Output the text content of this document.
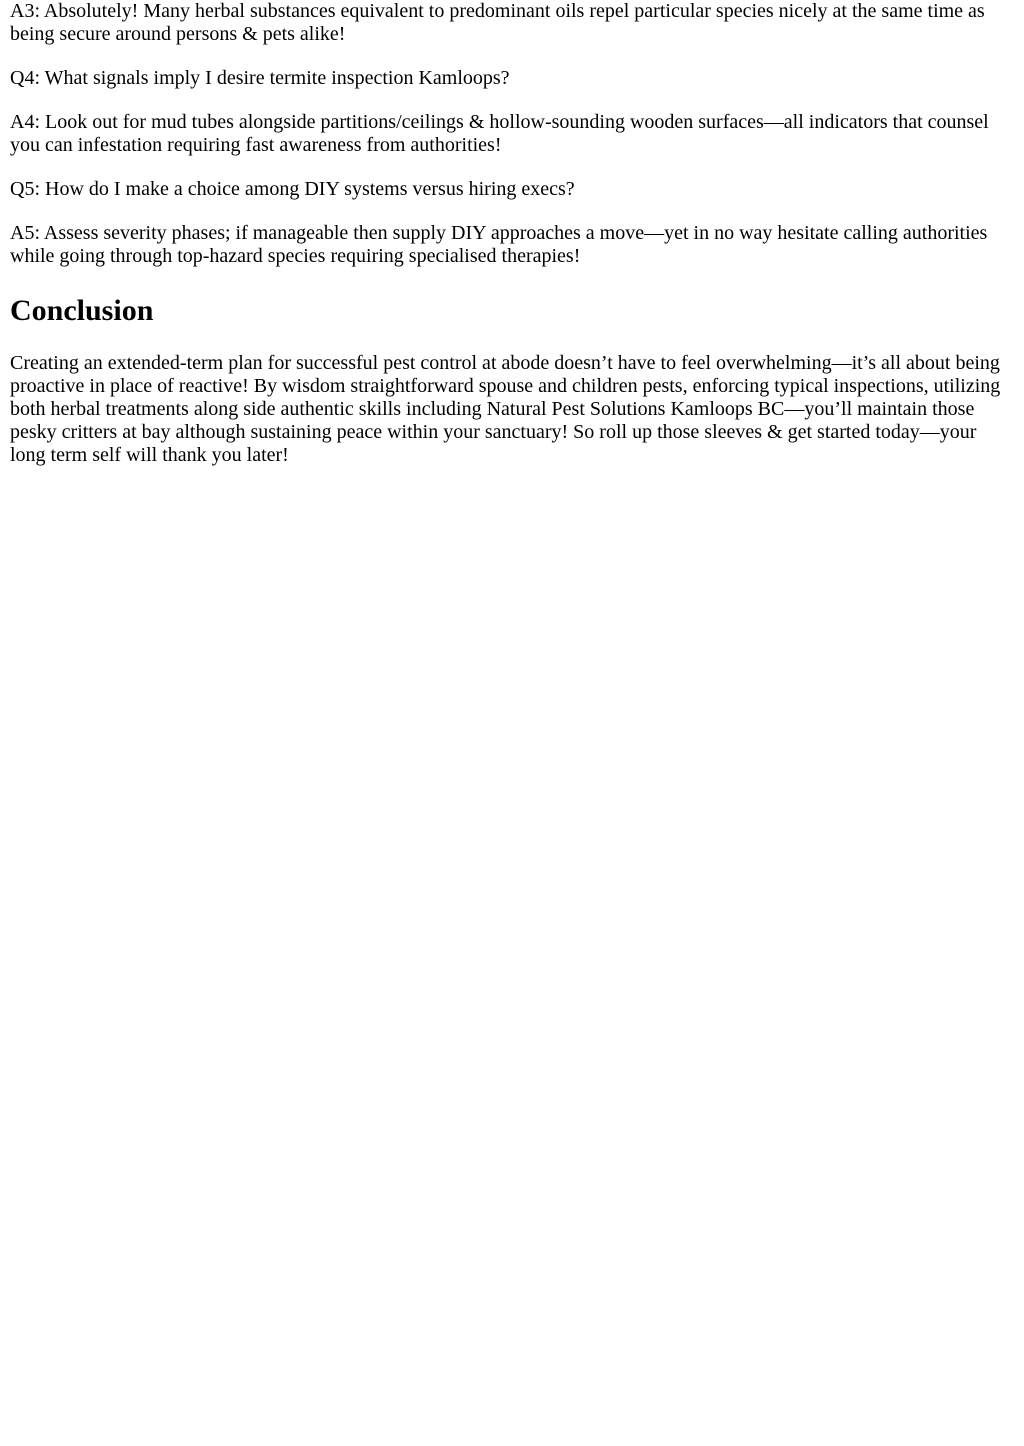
A3: Absolutely! Many herbal substances equivalent to predominant oils repel particular species nicely at the same time as being secure around persons & pets alike!

Q4: What signals imply I desire termite inspection Kamloops?

A4: Look out for mud tubes alongside partitions/ceilings & hollow-sounding wooden surfaces—all indicators that counsel you can infestation requiring fast awareness from authorities!

Q5: How do I make a choice among DIY systems versus hiring execs?

A5: Assess severity phases; if manageable then supply DIY approaches a move—yet in no way hesitate calling authorities while going through top-hazard species requiring specialised therapies!

Conclusion

Creating an extended-term plan for successful pest control at abode doesn’t have to feel overwhelming—it’s all about being proactive in place of reactive! By wisdom straightforward spouse and children pests, enforcing typical inspections, utilizing both herbal treatments along side authentic skills including Natural Pest Solutions Kamloops BC—you’ll maintain those pesky critters at bay although sustaining peace within your sanctuary! So roll up those sleeves & get started today—your long term self will thank you later!
